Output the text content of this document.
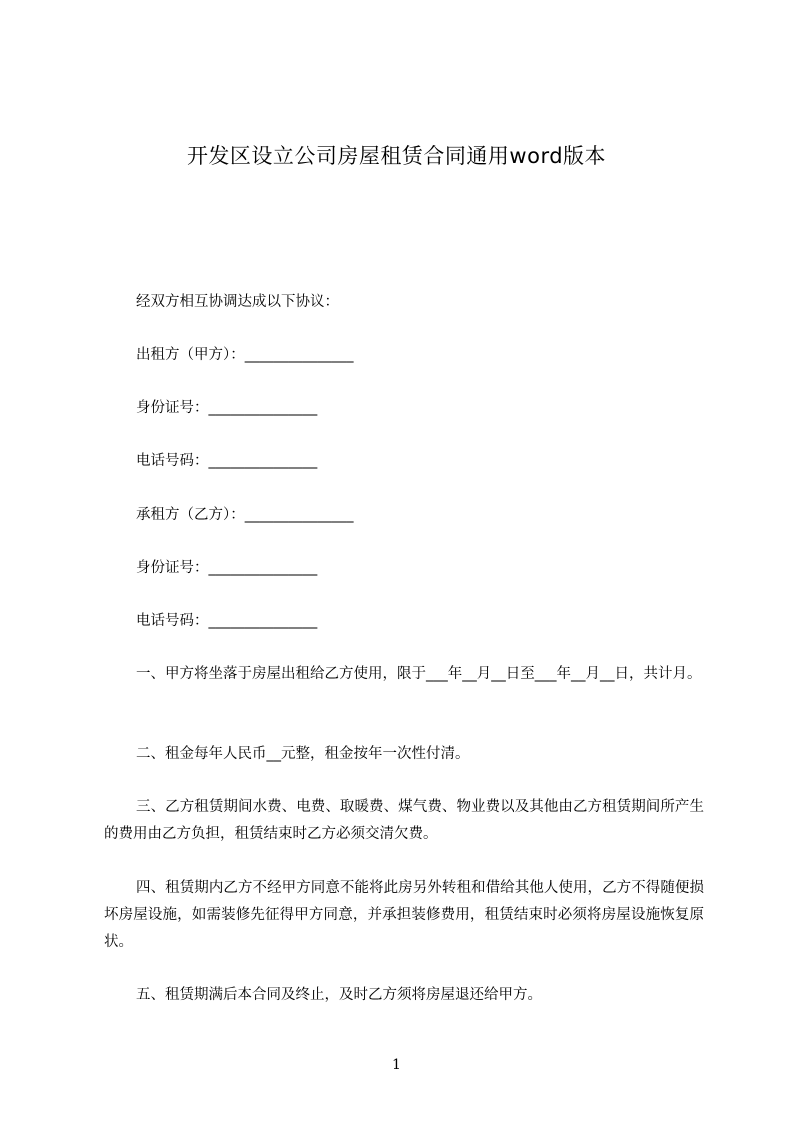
开发区设立公司房屋租赁合同通用word版本
经双方相互协调达成以下协议：
出租方（甲方）：_______________
身份证号：_______________
电话号码：_______________
承租方（乙方）：_______________
身份证号：_______________
电话号码：_______________
一、甲方将坐落于房屋出租给乙方使用，限于___年__月__日至___年__月__日，共计月。
二、租金每年人民币__元整，租金按年一次性付清。
三、乙方租赁期间水费、电费、取暖费、煤气费、物业费以及其他由乙方租赁期间所产生的费用由乙方负担，租赁结束时乙方必须交清欠费。
四、租赁期内乙方不经甲方同意不能将此房另外转租和借给其他人使用，乙方不得随便损坏房屋设施，如需装修先征得甲方同意，并承担装修费用，租赁结束时必须将房屋设施恢复原状。
五、租赁期满后本合同及终止，及时乙方须将房屋退还给甲方。
1
